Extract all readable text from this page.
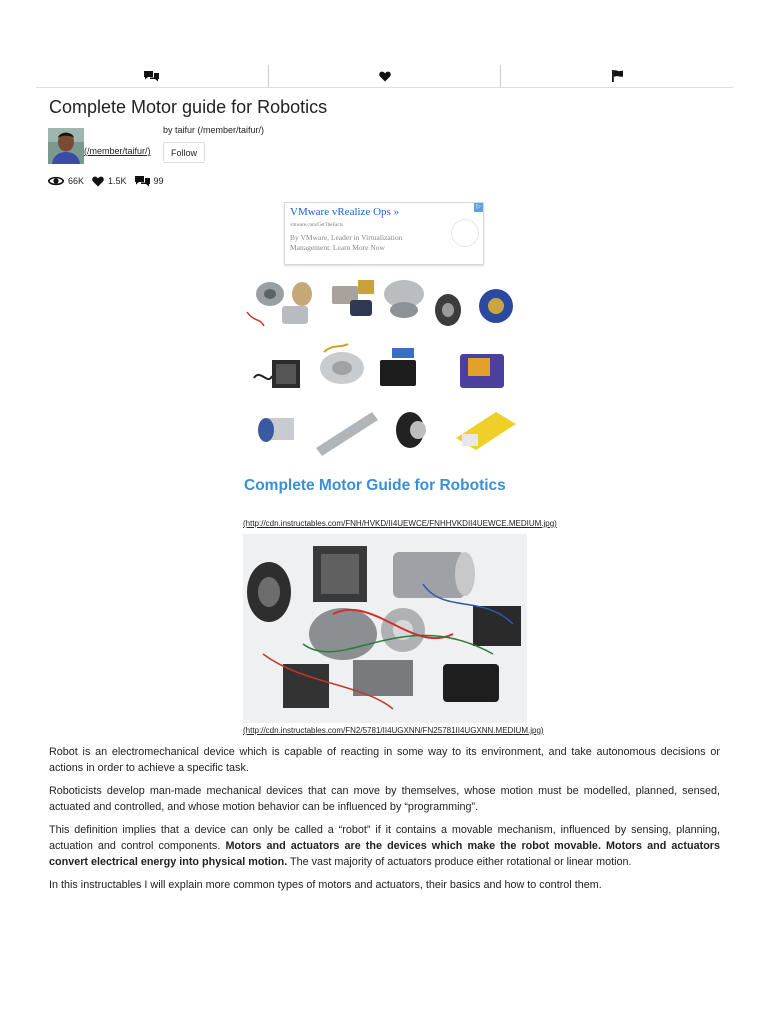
Complete Motor guide for Robotics
by taifur (/member/taifur/)
(/member/taifur/)	Follow
66K	1.5K	99
VMware vRealize Ops »
vmware.com/GetTheFacts
By VMware, Leader in Virtualization Management. Learn More Now
▷
Complete Motor Guide for Robotics
(http://cdn.instructables.com/FNH/HVKD/II4UEWCE/FNHHVKDII4UEWCE.MEDIUM.jpg)
(http://cdn.instructables.com/FN2/5781/II4UGXNN/FN25781II4UGXNN.MEDIUM.jpg)

Robot is an electromechanical device which is capable of reacting in some way to its environment, and take autonomous decisions or actions in order to achieve a specific task.

Roboticists develop man-made mechanical devices that can move by themselves, whose motion must be modelled, planned, sensed, actuated and controlled, and whose motion behavior can be influenced by “programming”.

This definition implies that a device can only be called a “robot” if it contains a movable mechanism, influenced by sensing, planning, actuation and control components. Motors and actuators are the devices which make the robot movable. Motors and actuators convert electrical energy into physical motion. The vast majority of actuators produce either rotational or linear motion.

In this instructables I will explain more common types of motors and actuators, their basics and how to control them.
